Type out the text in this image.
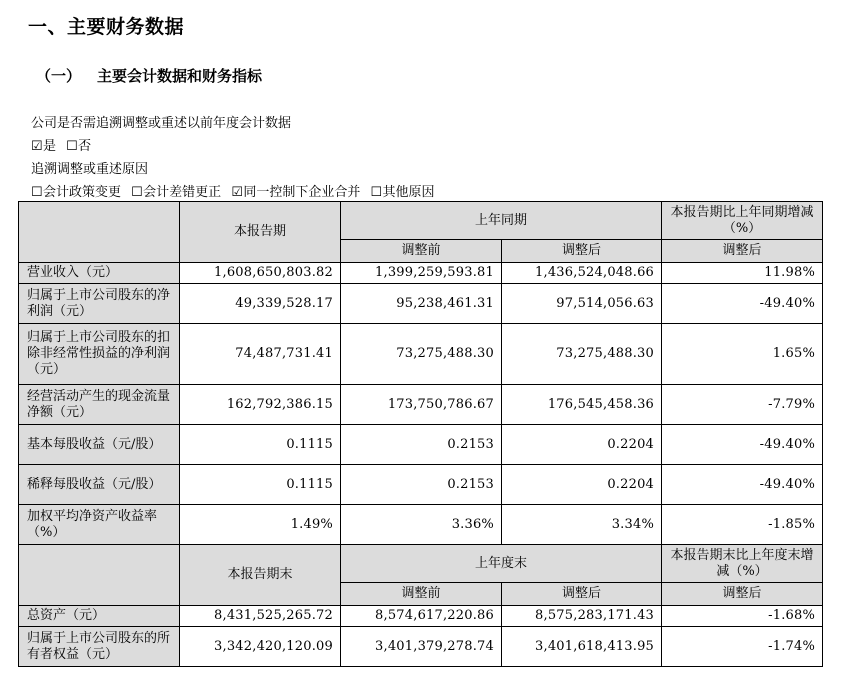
一、主要财务数据
（一） 主要会计数据和财务指标
公司是否需追溯调整或重述以前年度会计数据
☑是 ☐否
追溯调整或重述原因
☐会计政策变更 ☐会计差错更正 ☑同一控制下企业合并 ☐其他原因
	本报告期	上年同期		本报告期比上年同期增减（%）
		调整前	调整后	调整后
营业收入（元）	1,608,650,803.82	1,399,259,593.81	1,436,524,048.66	11.98%
归属于上市公司股东的净利润（元）	49,339,528.17	95,238,461.31	97,514,056.63	-49.40%
归属于上市公司股东的扣除非经常性损益的净利润（元）	74,487,731.41	73,275,488.30	73,275,488.30	1.65%
经营活动产生的现金流量净额（元）	162,792,386.15	173,750,786.67	176,545,458.36	-7.79%
基本每股收益（元/股）	0.1115	0.2153	0.2204	-49.40%
稀释每股收益（元/股）	0.1115	0.2153	0.2204	-49.40%
加权平均净资产收益率（%）	1.49%	3.36%	3.34%	-1.85%
	本报告期末	上年度末		本报告期末比上年度末增减（%）
		调整前	调整后	调整后
总资产（元）	8,431,525,265.72	8,574,617,220.86	8,575,283,171.43	-1.68%
归属于上市公司股东的所有者权益（元）	3,342,420,120.09	3,401,379,278.74	3,401,618,413.95	-1.74%
